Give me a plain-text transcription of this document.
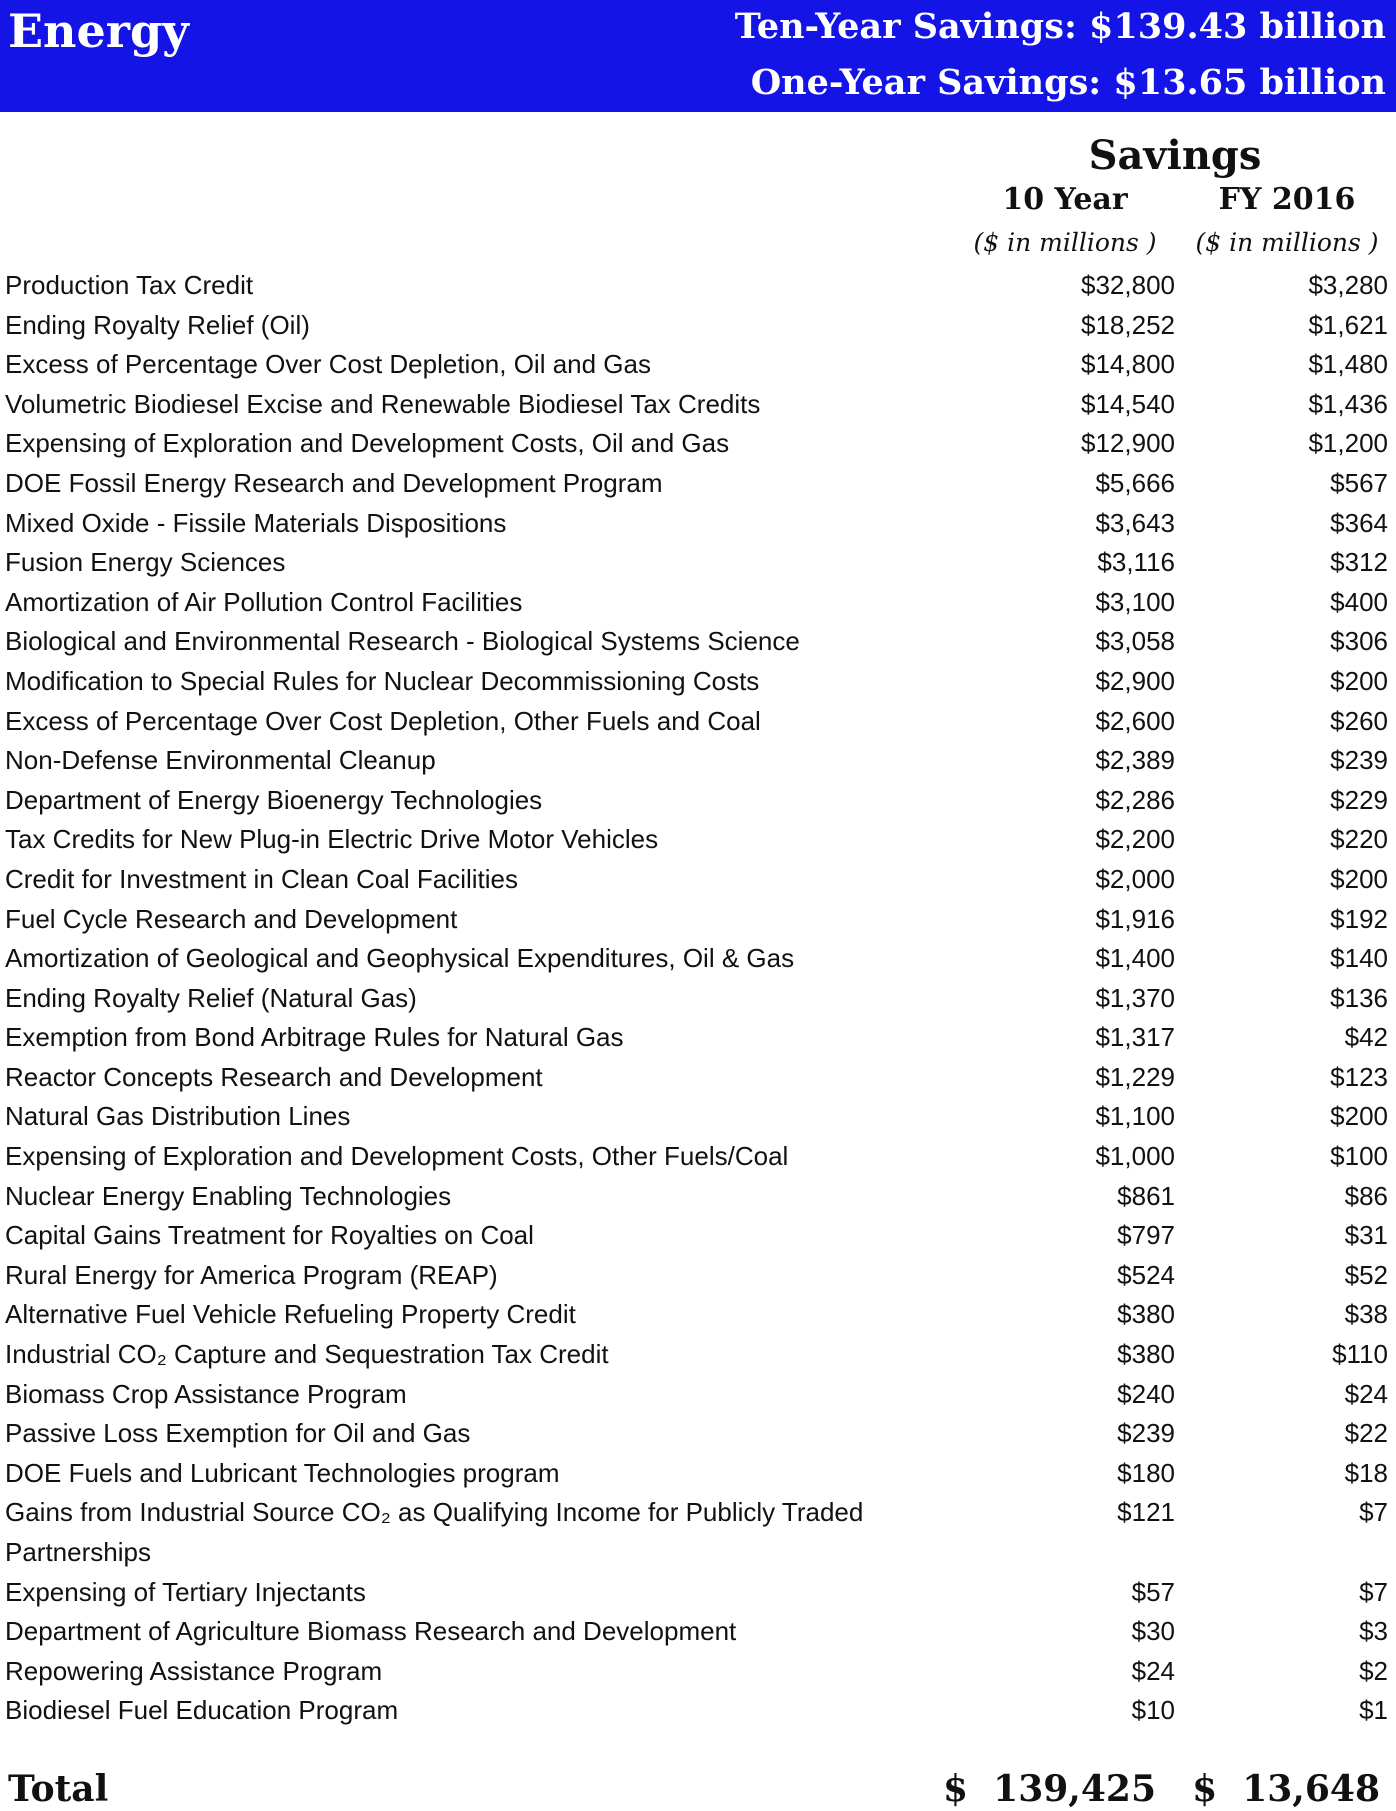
Energy	Ten-Year Savings: $139.43 billion
One-Year Savings: $13.65 billion
Savings
10 Year	FY 2016
($ in millions )	($ in millions )
Production Tax Credit	$32,800	$3,280
Ending Royalty Relief (Oil)	$18,252	$1,621
Excess of Percentage Over Cost Depletion, Oil and Gas	$14,800	$1,480
Volumetric Biodiesel Excise and Renewable Biodiesel Tax Credits	$14,540	$1,436
Expensing of Exploration and Development Costs, Oil and Gas	$12,900	$1,200
DOE Fossil Energy Research and Development Program	$5,666	$567
Mixed Oxide - Fissile Materials Dispositions	$3,643	$364
Fusion Energy Sciences	$3,116	$312
Amortization of Air Pollution Control Facilities	$3,100	$400
Biological and Environmental Research - Biological Systems Science	$3,058	$306
Modification to Special Rules for Nuclear Decommissioning Costs	$2,900	$200
Excess of Percentage Over Cost Depletion, Other Fuels and Coal	$2,600	$260
Non-Defense Environmental Cleanup	$2,389	$239
Department of Energy Bioenergy Technologies	$2,286	$229
Tax Credits for New Plug-in Electric Drive Motor Vehicles	$2,200	$220
Credit for Investment in Clean Coal Facilities	$2,000	$200
Fuel Cycle Research and Development	$1,916	$192
Amortization of Geological and Geophysical Expenditures, Oil & Gas	$1,400	$140
Ending Royalty Relief (Natural Gas)	$1,370	$136
Exemption from Bond Arbitrage Rules for Natural Gas	$1,317	$42
Reactor Concepts Research and Development	$1,229	$123
Natural Gas Distribution Lines	$1,100	$200
Expensing of Exploration and Development Costs, Other Fuels/Coal	$1,000	$100
Nuclear Energy Enabling Technologies	$861	$86
Capital Gains Treatment for Royalties on Coal	$797	$31
Rural Energy for America Program (REAP)	$524	$52
Alternative Fuel Vehicle Refueling Property Credit	$380	$38
Industrial CO₂ Capture and Sequestration Tax Credit	$380	$110
Biomass Crop Assistance Program	$240	$24
Passive Loss Exemption for Oil and Gas	$239	$22
DOE Fuels and Lubricant Technologies program	$180	$18
Gains from Industrial Source CO₂ as Qualifying Income for Publicly Traded Partnerships
$121	$7
Expensing of Tertiary Injectants	$57	$7
Department of Agriculture Biomass Research and Development	$30	$3
Repowering Assistance Program	$24	$2
Biodiesel Fuel Education Program	$10	$1
Total	$  139,425 $  13,648
